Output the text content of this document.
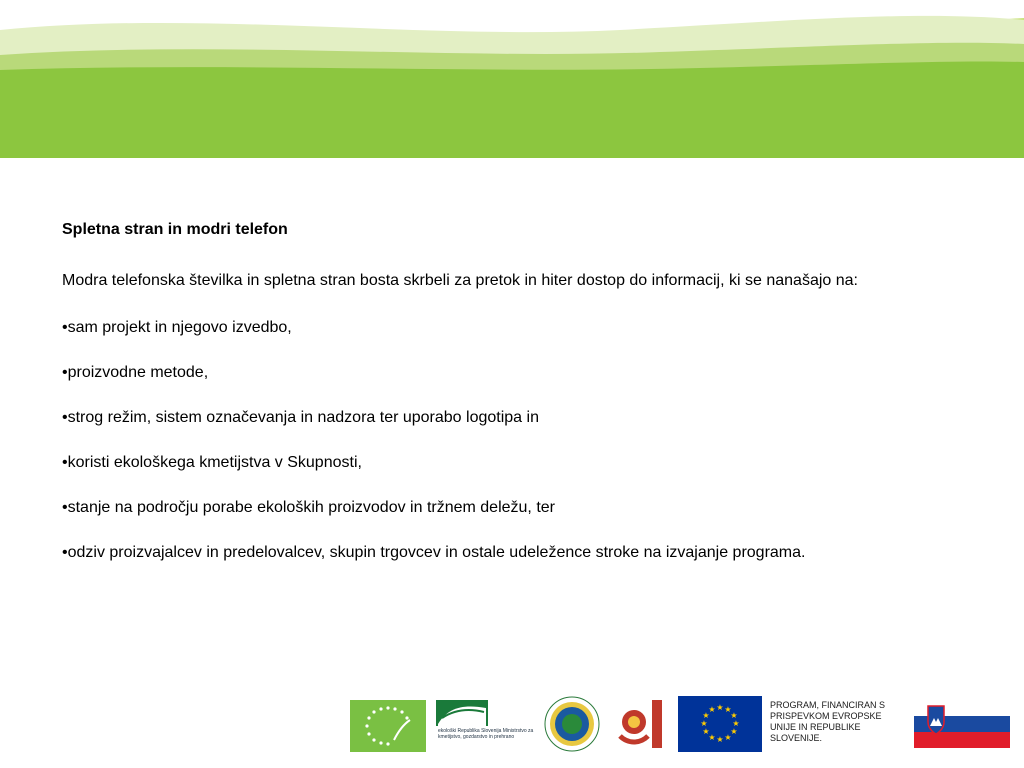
Spletna stran in modri telefon

Modra telefonska številka in spletna stran bosta skrbeli za pretok in hiter dostop do informacij, ki se nanašajo na:

•sam projekt in njegovo izvedbo,

•proizvodne metode,

•strog režim, sistem označevanja in nadzora ter uporabo logotipa in

•koristi ekološkega kmetijstva v Skupnosti,

•stanje na področju porabe ekoloških proizvodov in tržnem deležu, ter

•odziv proizvajalcev in predelovalcev, skupin trgovcev in ostale udeležence stroke na izvajanje programa.

www.biouzitek.si
((
modra številka
080 88 21
http://ec.europa.eu/agriculture/organic/home_sl
ekološki Republika Slovenija Ministrstvo za kmetijstvo, gozdarstvo in prehrano
★ ★
★
★
★
★
★
★
★
★
★
★	PROGRAM, FINANCIRAN S PRISPEVKOM EVROPSKE UNIJE IN REPUBLIKE SLOVENIJE.
